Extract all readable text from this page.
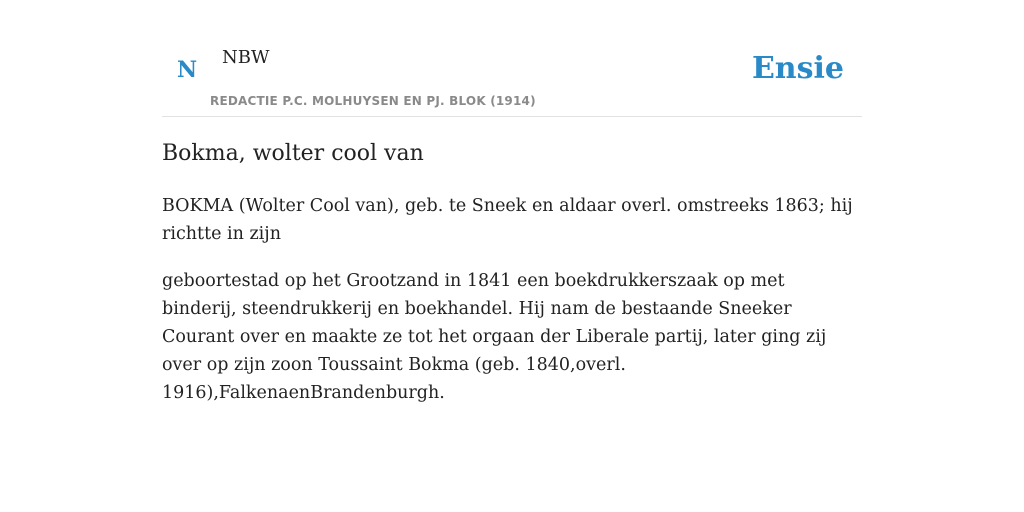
N NBW
REDACTIE P.C. MOLHUYSEN EN PJ. BLOK (1914)
Ensie
Bokma, wolter cool van

BOKMA (Wolter Cool van), geb. te Sneek en aldaar overl. omstreeks 1863; hij richtte in zijn

geboortestad op het Grootzand in 1841 een boekdrukkerszaak op met binderij, steendrukkerij en boekhandel. Hij nam de bestaande Sneeker Courant over en maakte ze tot het orgaan der Liberale partij, later ging zij over op zijn zoon Toussaint Bokma (geb. 1840,overl. 1916),FalkenaenBrandenburgh.
